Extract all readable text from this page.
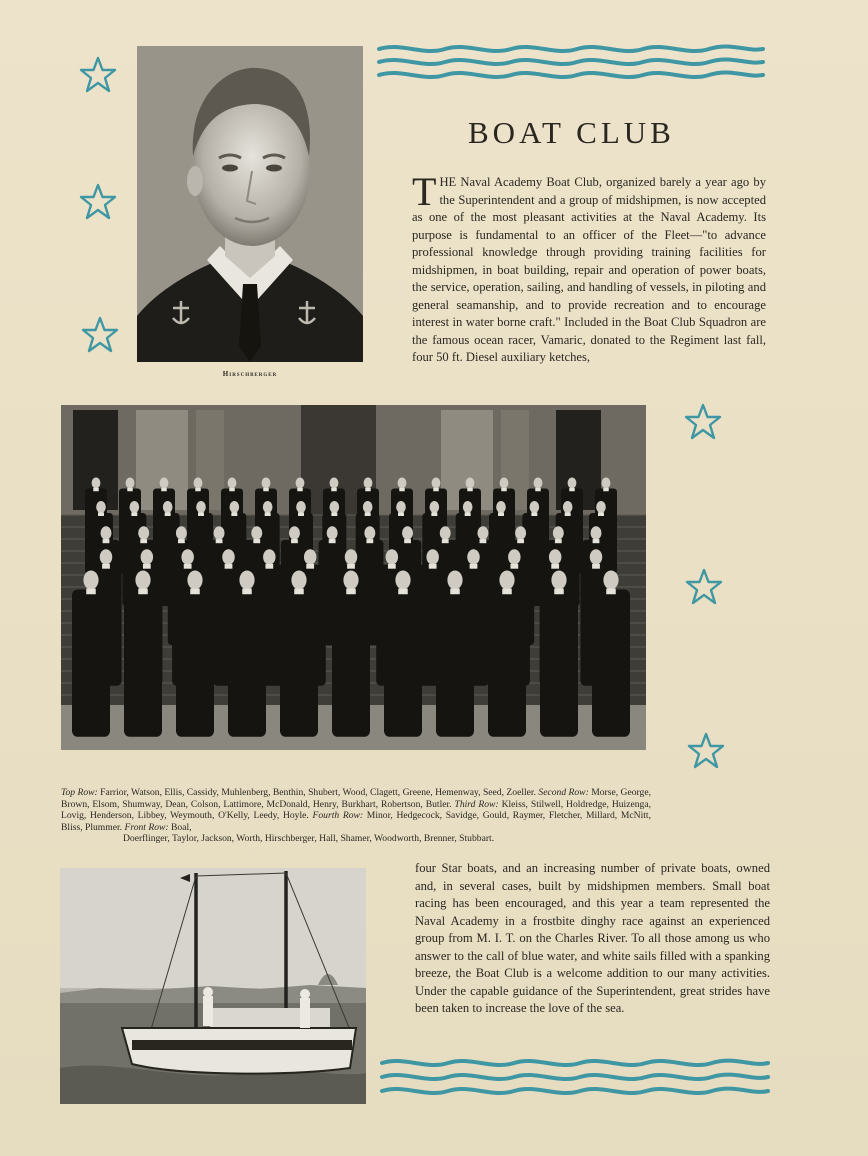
Hirschberger
BOAT CLUB
THE Naval Academy Boat Club, organized barely a year ago by the Superintendent and a group of midshipmen, is now accepted as one of the most pleasant activities at the Naval Academy. Its purpose is fundamental to an officer of the Fleet—"to advance professional knowledge through providing training facilities for midshipmen, in boat building, repair and operation of power boats, the service, operation, sailing, and handling of vessels, in piloting and general seamanship, and to provide recreation and to encourage interest in water borne craft." Included in the Boat Club Squadron are the famous ocean racer, Vamaric, donated to the Regiment last fall, four 50 ft. Diesel auxiliary ketches,

Top Row: Farrior, Watson, Ellis, Cassidy, Muhlenberg, Benthin, Shubert, Wood, Clagett, Greene, Hemenway, Seed, Zoeller. Second Row: Morse, George, Brown, Elsom, Shumway, Dean, Colson, Lattimore, McDonald, Henry, Burkhart, Robertson, Butler. Third Row: Kleiss, Stilwell, Holdredge, Huizenga, Lovig, Henderson, Libbey, Weymouth, O'Kelly, Leedy, Hoyle. Fourth Row: Minor, Hedgecock, Savidge, Gould, Raymer, Fletcher, Millard, McNitt, Bliss, Plummer. Front Row: Boal,

Doerflinger, Taylor, Jackson, Worth, Hirschberger, Hall, Shamer, Woodworth, Brenner, Stubbart.

four Star boats, and an increasing number of private boats, owned and, in several cases, built by midshipmen members. Small boat racing has been encouraged, and this year a team represented the Naval Academy in a frostbite dinghy race against an experienced group from M. I. T. on the Charles River. To all those among us who answer to the call of blue water, and white sails filled with a spanking breeze, the Boat Club is a welcome addition to our many activities. Under the capable guidance of the Superintendent, great strides have been taken to increase the love of the sea.
